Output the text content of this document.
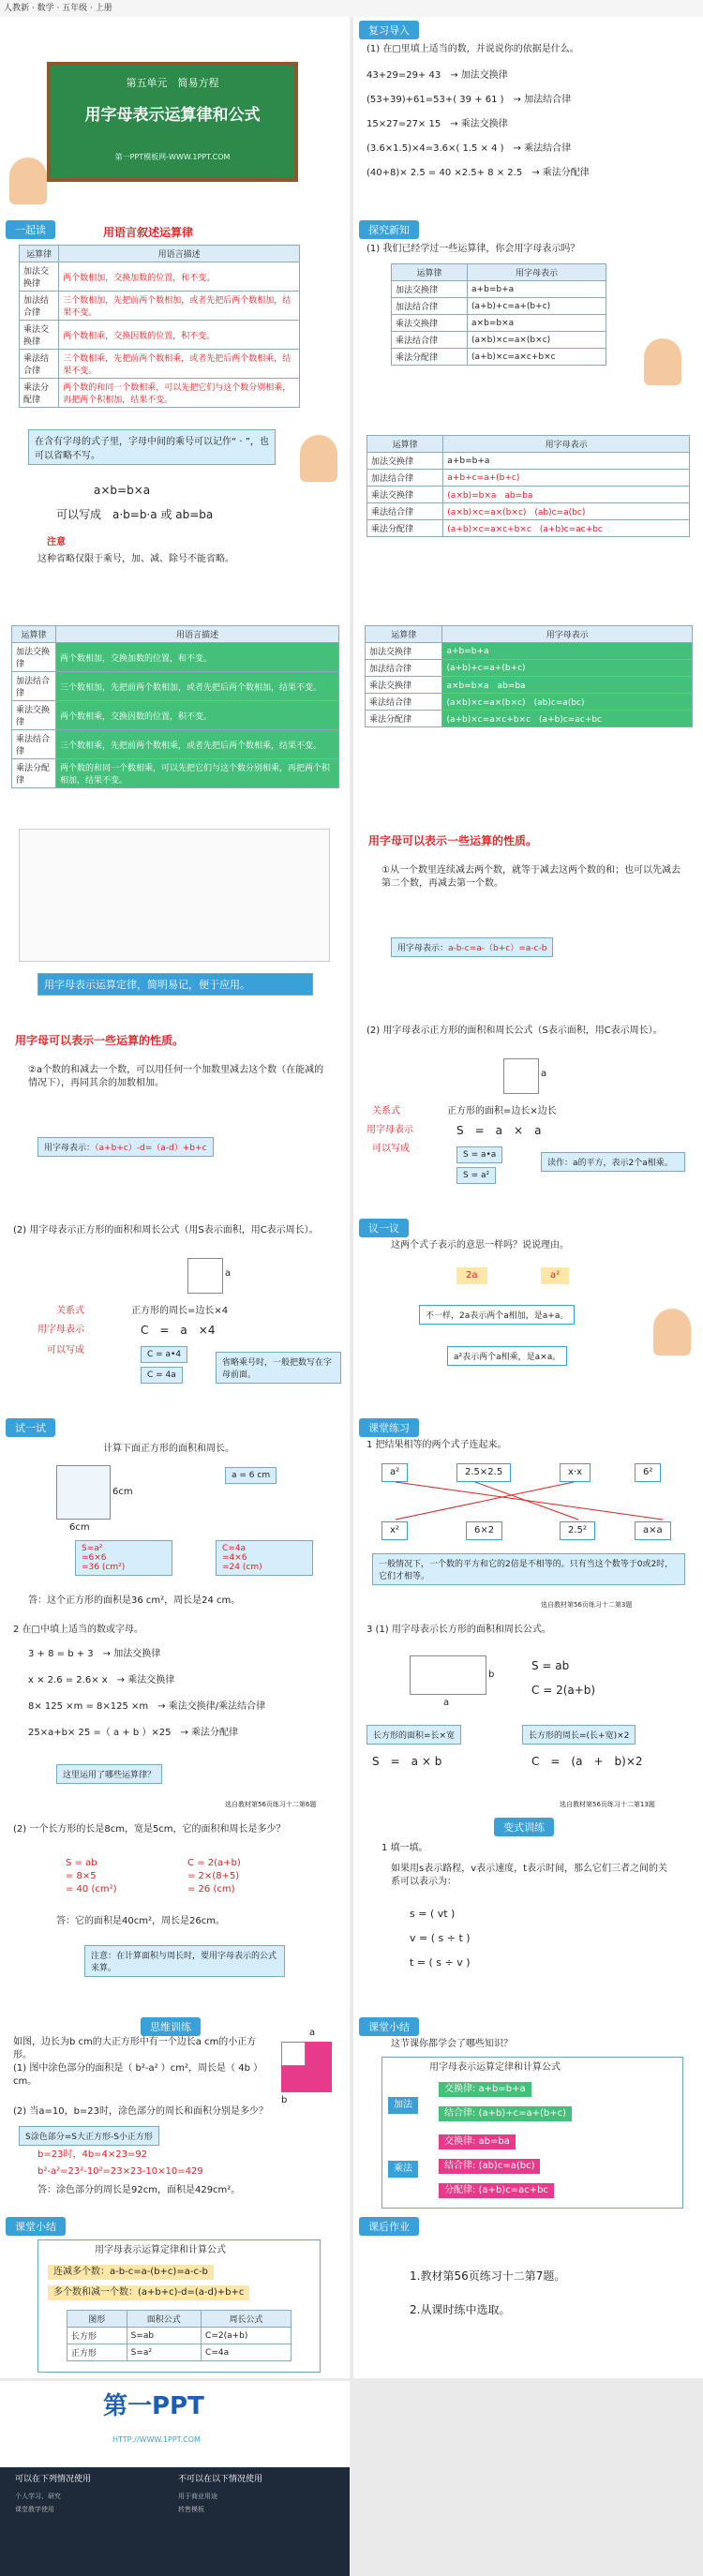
人教新 · 数学 · 五年级 · 上册
第五单元　简易方程
用字母表示运算律和公式
第一PPT模板网-WWW.1PPT.COM
复习导入
(1) 在□里填上适当的数，并说说你的依据是什么。
43+29=29+ 43　→ 加法交换律
(53+39)+61=53+( 39 + 61 )　→ 加法结合律
15×27=27× 15　→ 乘法交换律
(3.6×1.5)×4=3.6×( 1.5 × 4 )　→ 乘法结合律
(40+8)× 2.5 = 40 ×2.5+ 8 × 2.5　→ 乘法分配律
一起读	用语言叙述运算律
运算律	用语言描述
加法交换律	两个数相加，交换加数的位置，和不变。
加法结合律	三个数相加，先把前两个数相加，或者先把后两个数相加，结果不变。
乘法交换律	两个数相乘，交换因数的位置，积不变。
乘法结合律	三个数相乘，先把前两个数相乘，或者先把后两个数相乘，结果不变。
乘法分配律	两个数的和同一个数相乘，可以先把它们与这个数分别相乘，再把两个积相加，结果不变。
探究新知
(1) 我们已经学过一些运算律，你会用字母表示吗？
运算律	用字母表示
加法交换律	a+b=b+a
加法结合律	(a+b)+c=a+(b+c)
乘法交换律	a×b=b×a
乘法结合律	(a×b)×c=a×(b×c)
乘法分配律	(a+b)×c=a×c+b×c
在含有字母的式子里，字母中间的乘号可以记作“ · ”，也可以省略不写。
a×b=b×a
可以写成　a·b=b·a 或 ab=ba
注意
这种省略仅限于乘号，加、减、除号不能省略。
运算律	用字母表示
加法交换律	a+b=b+a
加法结合律	a+b+c=a+(b+c)
乘法交换律	(a×b)=b×a　ab=ba
乘法结合律	(a×b)×c=a×(b×c)　(ab)c=a(bc)
乘法分配律	(a+b)×c=a×c+b×c　(a+b)c=ac+bc
运算律	用语言描述
加法交换律	两个数相加，交换加数的位置，和不变。
加法结合律	三个数相加，先把前两个数相加，或者先把后两个数相加，结果不变。
乘法交换律	两个数相乘，交换因数的位置，积不变。
乘法结合律	三个数相乘，先把前两个数相乘，或者先把后两个数相乘，结果不变。
乘法分配律	两个数的和同一个数相乘，可以先把它们与这个数分别相乘，再把两个积相加，结果不变。
运算律	用字母表示
加法交换律	a+b=b+a
加法结合律	(a+b)+c=a+(b+c)
乘法交换律	a×b=b×a　ab=ba
乘法结合律	(a×b)×c=a×(b×c)　(ab)c=a(bc)
乘法分配律	(a+b)×c=a×c+b×c　(a+b)c=ac+bc
用字母表示运算定律，简明易记，便于应用。
用字母可以表示一些运算的性质。
①从一个数里连续减去两个数，就等于减去这两个数的和；也可以先减去第二个数，再减去第一个数。
用字母表示：a-b-c=a-（b+c）=a-c-b
用字母可以表示一些运算的性质。
②a个数的和减去一个数，可以用任何一个加数里减去这个数（在能减的情况下），再同其余的加数相加。
用字母表示：（a+b+c）-d=（a-d）+b+c
(2) 用字母表示正方形的面积和周长公式（S表示面积，用C表示周长）。
a
关系式
用字母表示
可以写成
正方形的面积=边长×边长
S　=　a　×　a
S = a•a
S = a²
读作：a的平方，表示2个a相乘。
(2) 用字母表示正方形的面积和周长公式（用S表示面积，用C表示周长）。
a
关系式
用字母表示
可以写成
正方形的周长=边长×4
C　=　a　×4
C = a•4
C = 4a
省略乘号时，一般把数写在字母前面。
议一议
这两个式子表示的意思一样吗？说说理由。
2a	a²
不一样，2a表示两个a相加，是a+a。
a²表示两个a相乘，是a×a。
试一试
计算下面正方形的面积和周长。
6cm
6cm
a = 6 cm
S=a²
=6×6
=36 (cm²)
C=4a
=4×6
=24 (cm)
答：这个正方形的面积是36 cm²，周长是24 cm。
课堂练习
1 把结果相等的两个式子连起来。
a²	2.5×2.5	x·x	6²
x²	6×2	2.5²	a×a
一般情况下，一个数的平方和它的2倍是不相等的。只有当这个数等于0或2时，它们才相等。
选自教材第56页练习十二第3题
2 在□中填上适当的数或字母。
3 + 8 = b + 3　→ 加法交换律
x × 2.6 = 2.6× x　→ 乘法交换律
8× 125 ×m = 8×125 ×m　→ 乘法交换律/乘法结合律
25×a+b× 25 =（ a + b ）×25　→ 乘法分配律
这里运用了哪些运算律？
选自教材第56页练习十二第6题
3 (1) 用字母表示长方形的面积和周长公式。
a
b
S = ab
C = 2(a+b)
长方形的面积=长×宽	长方形的周长=(长+宽)×2
S　=　a × b	C　=　(a　+　b)×2
选自教材第56页练习十二第13题
(2) 一个长方形的长是8cm，宽是5cm，它的面积和周长是多少？
S = ab
= 8×5
= 40 (cm²)
C = 2(a+b)
= 2×(8+5)
= 26 (cm)
答：它的面积是40cm²，周长是26cm。
注意：在计算面积与周长时，要用字母表示的公式来算。
变式训练
1 填一填。
如果用s表示路程，v表示速度，t表示时间，那么它们三者之间的关系可以表示为：
s = ( vt )
v = ( s ÷ t )
t = ( s ÷ v )
思维训练
如图，边长为b cm的大正方形中有一个边长a cm的小正方形。
(1) 图中涂色部分的面积是（ b²-a² ）cm²，周长是（ 4b ）cm。
b
a
(2) 当a=10，b=23时，涂色部分的周长和面积分别是多少？
S涂色部分=S大正方形-S小正方形
b=23时，4b=4×23=92
b²-a²=23²-10²=23×23-10×10=429
答：涂色部分的周长是92cm，面积是429cm²。
课堂小结
这节课你都学会了哪些知识？
用字母表示运算定律和计算公式
加法
乘法
交换律: a+b=b+a
结合律: (a+b)+c=a+(b+c)
交换律: ab=ba
结合律: (ab)c=a(bc)
分配律: (a+b)c=ac+bc
课堂小结
用字母表示运算定律和计算公式
连减多个数：a-b-c=a-(b+c)=a-c-b
多个数和减一个数：(a+b+c)-d=(a-d)+b+c
图形	面积公式	周长公式
长方形	S=ab	C=2(a+b)
正方形	S=a²	C=4a
课后作业
1.教材第56页练习十二第7题。
2.从课时练中选取。
第一PPT
HTTP://WWW.1PPT.COM
可以在下列情况使用
个人学习、研究
课堂教学使用
不可以在以下情况使用
用于商业用途
转售模板
